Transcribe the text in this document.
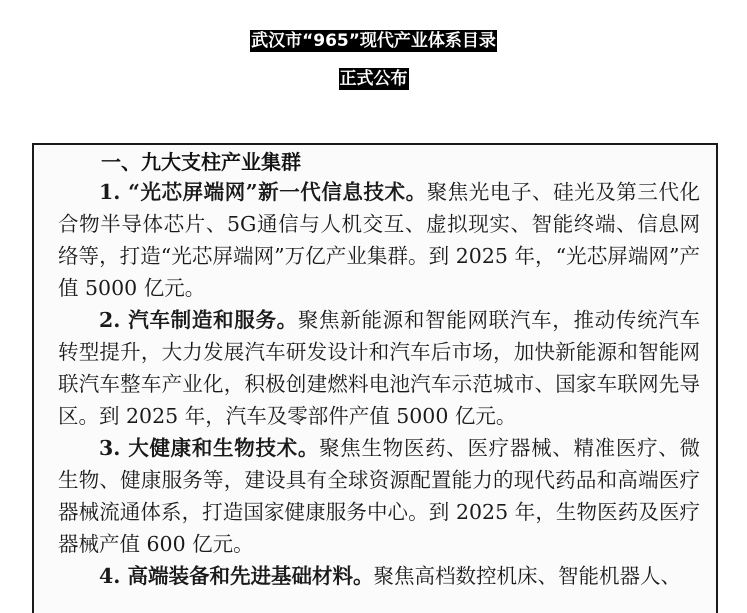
武汉市“965”现代产业体系目录
正式公布
一、九大支柱产业集群

1. “光芯屏端网”新一代信息技术。聚焦光电子、硅光及第三代化合物半导体芯片、5G通信与人机交互、虚拟现实、智能终端、信息网络等，打造“光芯屏端网”万亿产业集群。到 2025 年，“光芯屏端网”产值 5000 亿元。

2. 汽车制造和服务。聚焦新能源和智能网联汽车，推动传统汽车转型提升，大力发展汽车研发设计和汽车后市场，加快新能源和智能网联汽车整车产业化，积极创建燃料电池汽车示范城市、国家车联网先导区。到 2025 年，汽车及零部件产值 5000 亿元。

3. 大健康和生物技术。聚焦生物医药、医疗器械、精准医疗、微生物、健康服务等，建设具有全球资源配置能力的现代药品和高端医疗器械流通体系，打造国家健康服务中心。到 2025 年，生物医药及医疗器械产值 600 亿元。

4. 高端装备和先进基础材料。聚焦高档数控机床、智能机器人、
